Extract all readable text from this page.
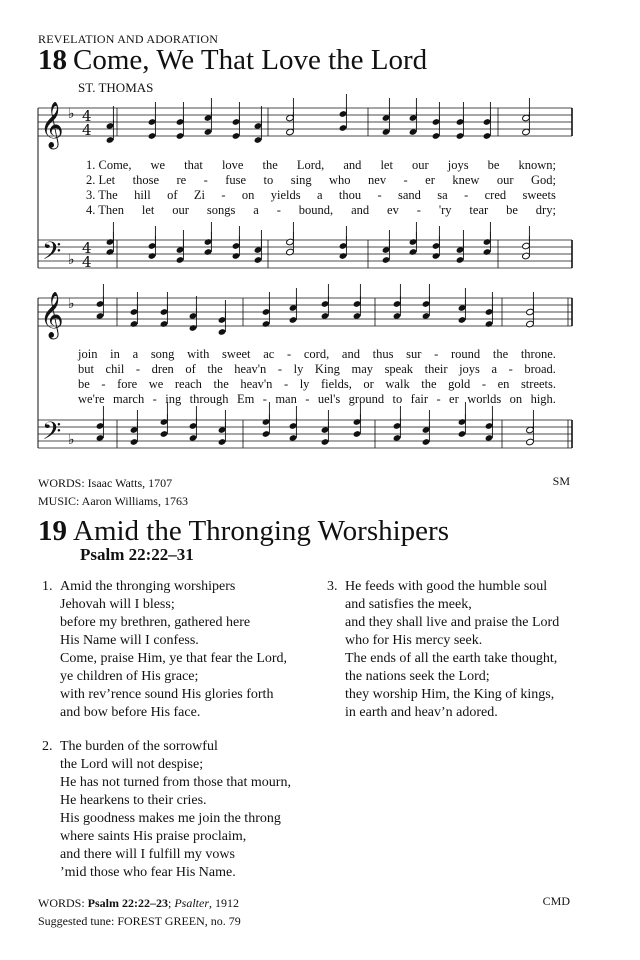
REVELATION AND ADORATION
18 Come, We That Love the Lord
ST. THOMAS
𝄞
𝄢
♭
♭
4
4
4
4
𝄞
𝄢
♭
♭
1. Come, we that love the Lord, and let our joys be known;
2. Let those re - fuse to sing who nev - er knew our God;
3. The hill of Zi - on yields a thou - sand sa - cred sweets
4. Then let our songs a - bound, and ev - 'ry tear be dry;
join in a song with sweet ac - cord, and thus sur - round the throne.
but chil - dren of the heav'n - ly King may speak their joys a - broad.
be - fore we reach the heav'n - ly fields, or walk the gold - en streets.
we're march - ing through Em - man - uel's ground to fair - er worlds on high.
WORDS: Isaac Watts, 1707
MUSIC: Aaron Williams, 1763
SM
19 Amid the Thronging Worshipers
Psalm 22:22–31
1. Amid the thronging worshipers
Jehovah will I bless;
before my brethren, gathered here
His Name will I confess.
Come, praise Him, ye that fear the Lord,
ye children of His grace;
with rev’rence sound His glories forth
and bow before His face.
2. The burden of the sorrowful
the Lord will not despise;
He has not turned from those that mourn,
He hearkens to their cries.
His goodness makes me join the throng
where saints His praise proclaim,
and there will I fulfill my vows
’mid those who fear His Name.
3. He feeds with good the humble soul
and satisfies the meek,
and they shall live and praise the Lord
who for His mercy seek.
The ends of all the earth take thought,
the nations seek the Lord;
they worship Him, the King of kings,
in earth and heav’n adored.
WORDS: Psalm 22:22–23; Psalter, 1912
Suggested tune: FOREST GREEN, no. 79
CMD
